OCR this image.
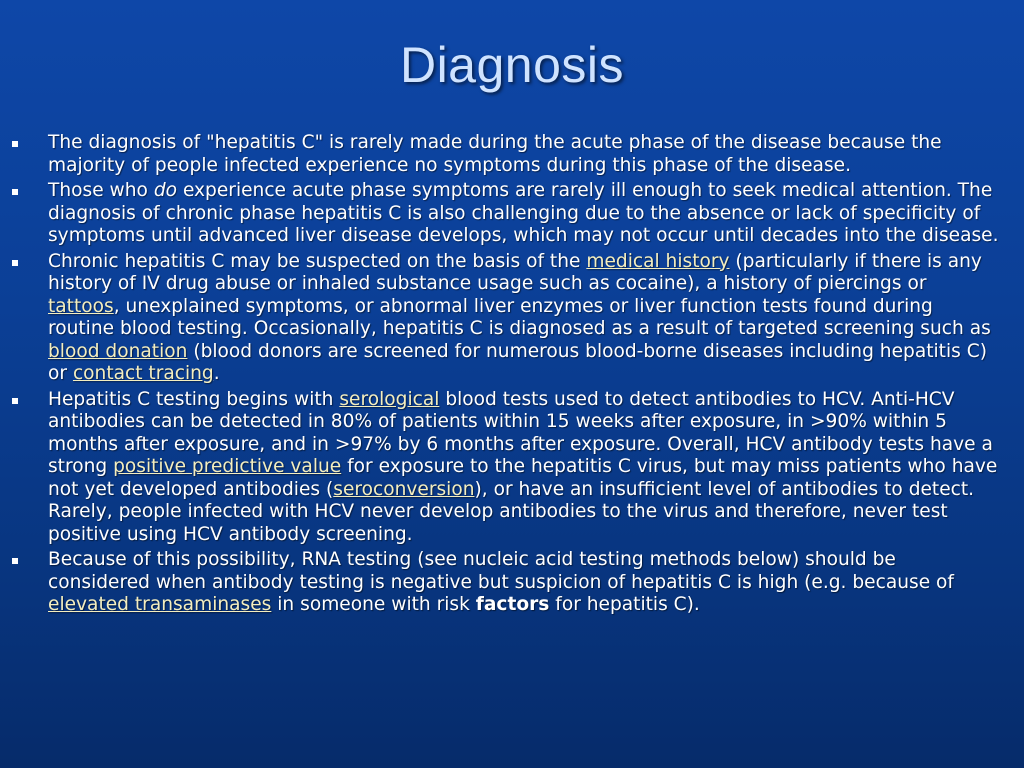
Diagnosis
The diagnosis of "hepatitis C" is rarely made during the acute phase of the disease because the majority of people infected experience no symptoms during this phase of the disease.
Those who do experience acute phase symptoms are rarely ill enough to seek medical attention. The diagnosis of chronic phase hepatitis C is also challenging due to the absence or lack of specificity of symptoms until advanced liver disease develops, which may not occur until decades into the disease.
Chronic hepatitis C may be suspected on the basis of the medical history (particularly if there is any history of IV drug abuse or inhaled substance usage such as cocaine), a history of piercings or tattoos, unexplained symptoms, or abnormal liver enzymes or liver function tests found during routine blood testing. Occasionally, hepatitis C is diagnosed as a result of targeted screening such as blood donation (blood donors are screened for numerous blood-borne diseases including hepatitis C) or contact tracing.
Hepatitis C testing begins with serological blood tests used to detect antibodies to HCV. Anti-HCV antibodies can be detected in 80% of patients within 15 weeks after exposure, in >90% within 5 months after exposure, and in >97% by 6 months after exposure. Overall, HCV antibody tests have a strong positive predictive value for exposure to the hepatitis C virus, but may miss patients who have not yet developed antibodies (seroconversion), or have an insufficient level of antibodies to detect. Rarely, people infected with HCV never develop antibodies to the virus and therefore, never test positive using HCV antibody screening.
Because of this possibility, RNA testing (see nucleic acid testing methods below) should be considered when antibody testing is negative but suspicion of hepatitis C is high (e.g. because of elevated transaminases in someone with risk factors for hepatitis C).
